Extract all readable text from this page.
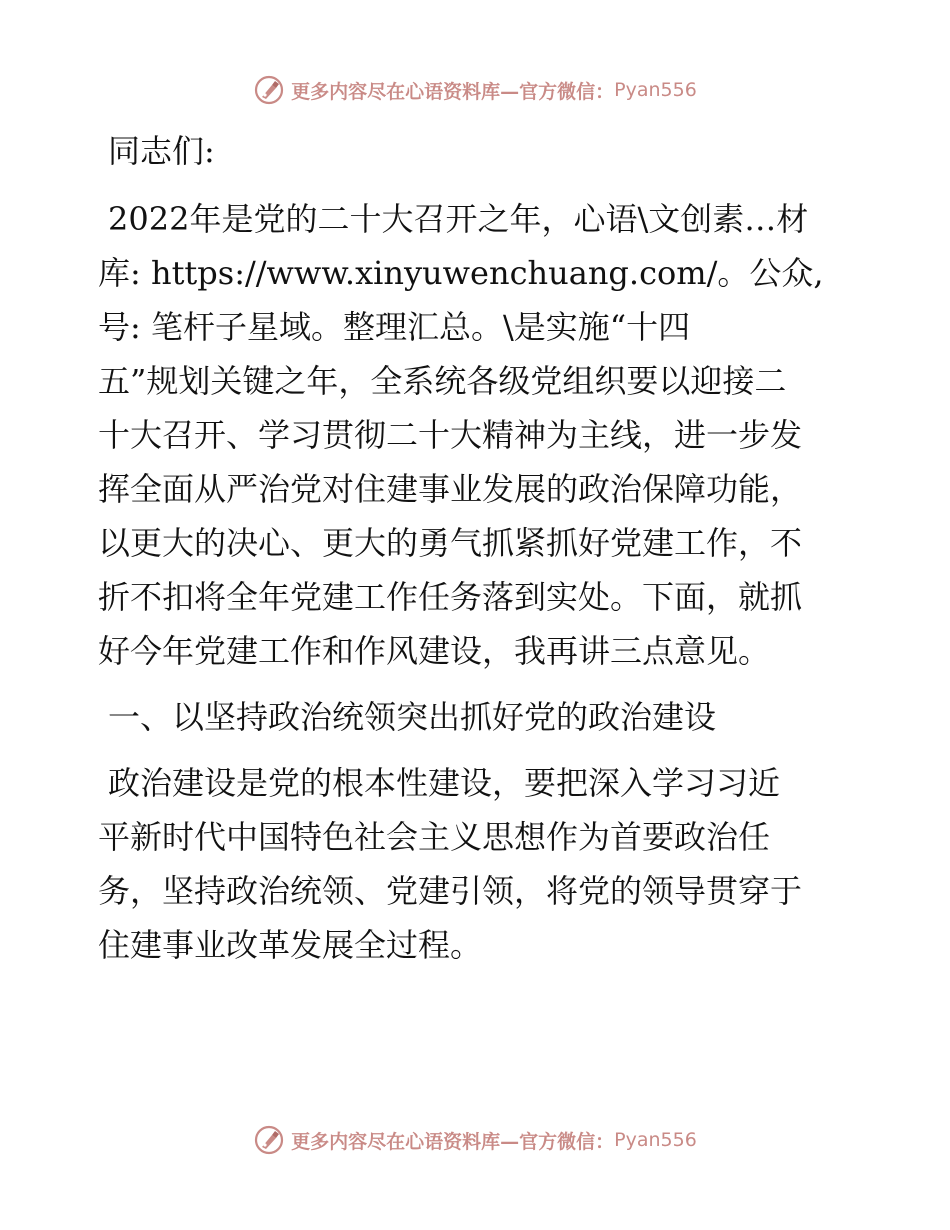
更多内容尽在心语资料库—官方微信： Pyan556

同志们:

2022年是党的二十大召开之年，心语\文创素…材
库: https://www.xinyuwenchuang.com/。公众,
号: 笔杆子星域。整理汇总。\是实施“十四
五”规划关键之年，全系统各级党组织要以迎接二
十大召开、学习贯彻二十大精神为主线，进一步发
挥全面从严治党对住建事业发展的政治保障功能，
以更大的决心、更大的勇气抓紧抓好党建工作，不
折不扣将全年党建工作任务落到实处。下面，就抓
好今年党建工作和作风建设，我再讲三点意见。

一、以坚持政治统领突出抓好党的政治建设

政治建设是党的根本性建设，要把深入学习习近
平新时代中国特色社会主义思想作为首要政治任
务，坚持政治统领、党建引领，将党的领导贯穿于
住建事业改革发展全过程。

更多内容尽在心语资料库—官方微信： Pyan556
